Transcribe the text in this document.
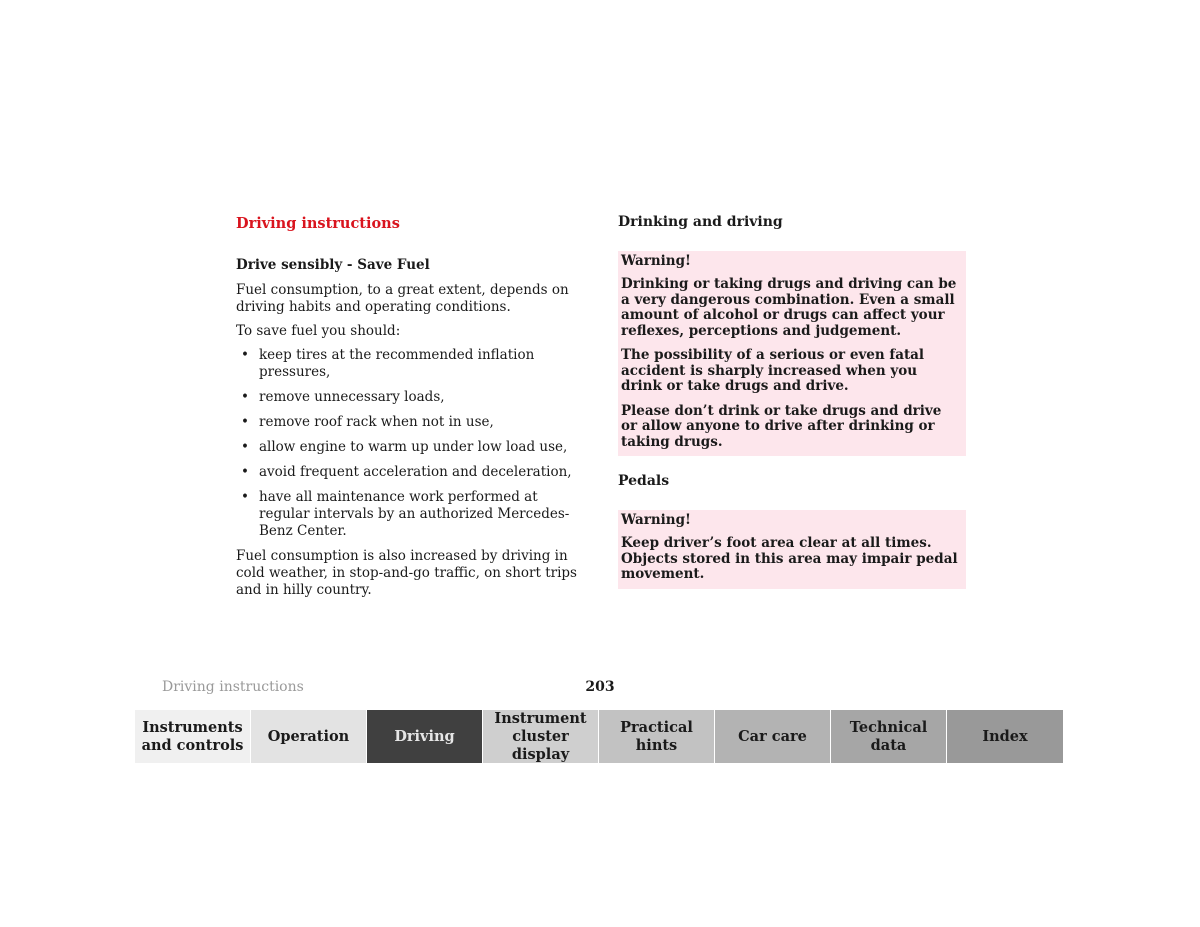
Driving instructions
Drive sensibly - Save Fuel

Fuel consumption, to a great extent, depends on driving habits and operating conditions.

To save fuel you should:

• keep tires at the recommended inflation pressures,
• remove unnecessary loads,
• remove roof rack when not in use,
• allow engine to warm up under low load use,
• avoid frequent acceleration and deceleration,
• have all maintenance work performed at regular intervals by an authorized Mercedes-Benz Center.

Fuel consumption is also increased by driving in cold weather, in stop-and-go traffic, on short trips and in hilly country.

Drinking and driving

Warning!

Drinking or taking drugs and driving can be a very dangerous combination. Even a small amount of alcohol or drugs can affect your reflexes, perceptions and judgement.

The possibility of a serious or even fatal accident is sharply increased when you drink or take drugs and drive.

Please don’t drink or take drugs and drive or allow anyone to drive after drinking or taking drugs.

Pedals

Warning!

Keep driver’s foot area clear at all times. Objects stored in this area may impair pedal movement.

Driving instructions	203
Instruments
and controls
Operation	Driving
Instrument
cluster display
Practical hints
Car care
Technical
data
Index
